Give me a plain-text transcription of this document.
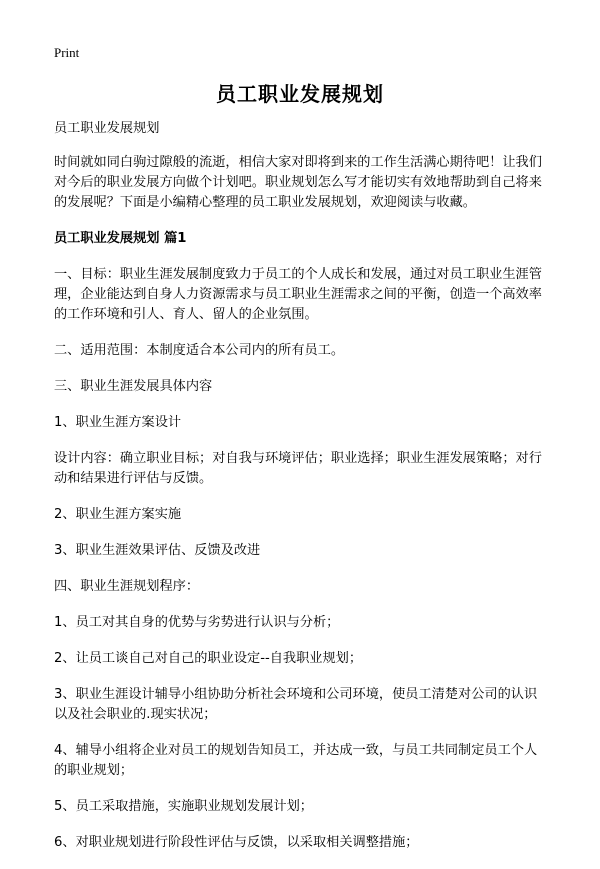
Print
员工职业发展规划

员工职业发展规划

时间就如同白驹过隙般的流逝，相信大家对即将到来的工作生活满心期待吧！让我们对今后的职业发展方向做个计划吧。职业规划怎么写才能切实有效地帮助到自己将来的发展呢？下面是小编精心整理的员工职业发展规划，欢迎阅读与收藏。

员工职业发展规划 篇1

一、目标：职业生涯发展制度致力于员工的个人成长和发展，通过对员工职业生涯管理，企业能达到自身人力资源需求与员工职业生涯需求之间的平衡，创造一个高效率的工作环境和引人、育人、留人的企业氛围。

二、适用范围：本制度适合本公司内的所有员工。

三、职业生涯发展具体内容

1、职业生涯方案设计

设计内容：确立职业目标；对自我与环境评估；职业选择；职业生涯发展策略；对行动和结果进行评估与反馈。

2、职业生涯方案实施

3、职业生涯效果评估、反馈及改进

四、职业生涯规划程序：

1、员工对其自身的优势与劣势进行认识与分析；

2、让员工谈自己对自己的职业设定--自我职业规划；

3、职业生涯设计辅导小组协助分析社会环境和公司环境，使员工清楚对公司的认识以及社会职业的.现实状况；

4、辅导小组将企业对员工的规划告知员工，并达成一致，与员工共同制定员工个人的职业规划；

5、员工采取措施，实施职业规划发展计划；

6、对职业规划进行阶段性评估与反馈，以采取相关调整措施；
